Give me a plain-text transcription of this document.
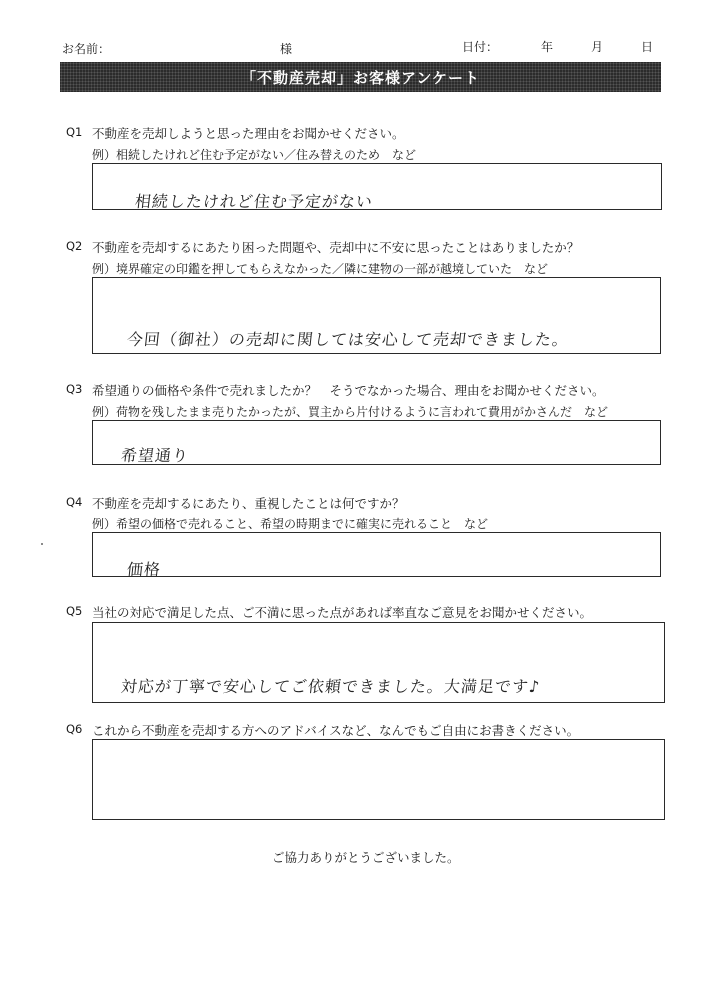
お名前：	様	日付：	年	月	日
「不動産売却」お客様アンケート
Q1 不動産を売却しようと思った理由をお聞かせください。
例）相続したけれど住む予定がない／住み替えのため　など
相続したけれど住む予定がない
Q2 不動産を売却するにあたり困った問題や、売却中に不安に思ったことはありましたか？
例）境界確定の印鑑を押してもらえなかった／隣に建物の一部が越境していた　など
今回（御社）の売却に関しては安心して売却できました。
Q3 希望通りの価格や条件で売れましたか？　そうでなかった場合、理由をお聞かせください。
例）荷物を残したまま売りたかったが、買主から片付けるように言われて費用がかさんだ　など
希望通り
Q4 不動産を売却するにあたり、重視したことは何ですか？
例）希望の価格で売れること、希望の時期までに確実に売れること　など
価格
Q5 当社の対応で満足した点、ご不満に思った点があれば率直なご意見をお聞かせください。
対応が丁寧で安心してご依頼できました。大満足です♪
Q6 これから不動産を売却する方へのアドバイスなど、なんでもご自由にお書きください。
ご協力ありがとうございました。
